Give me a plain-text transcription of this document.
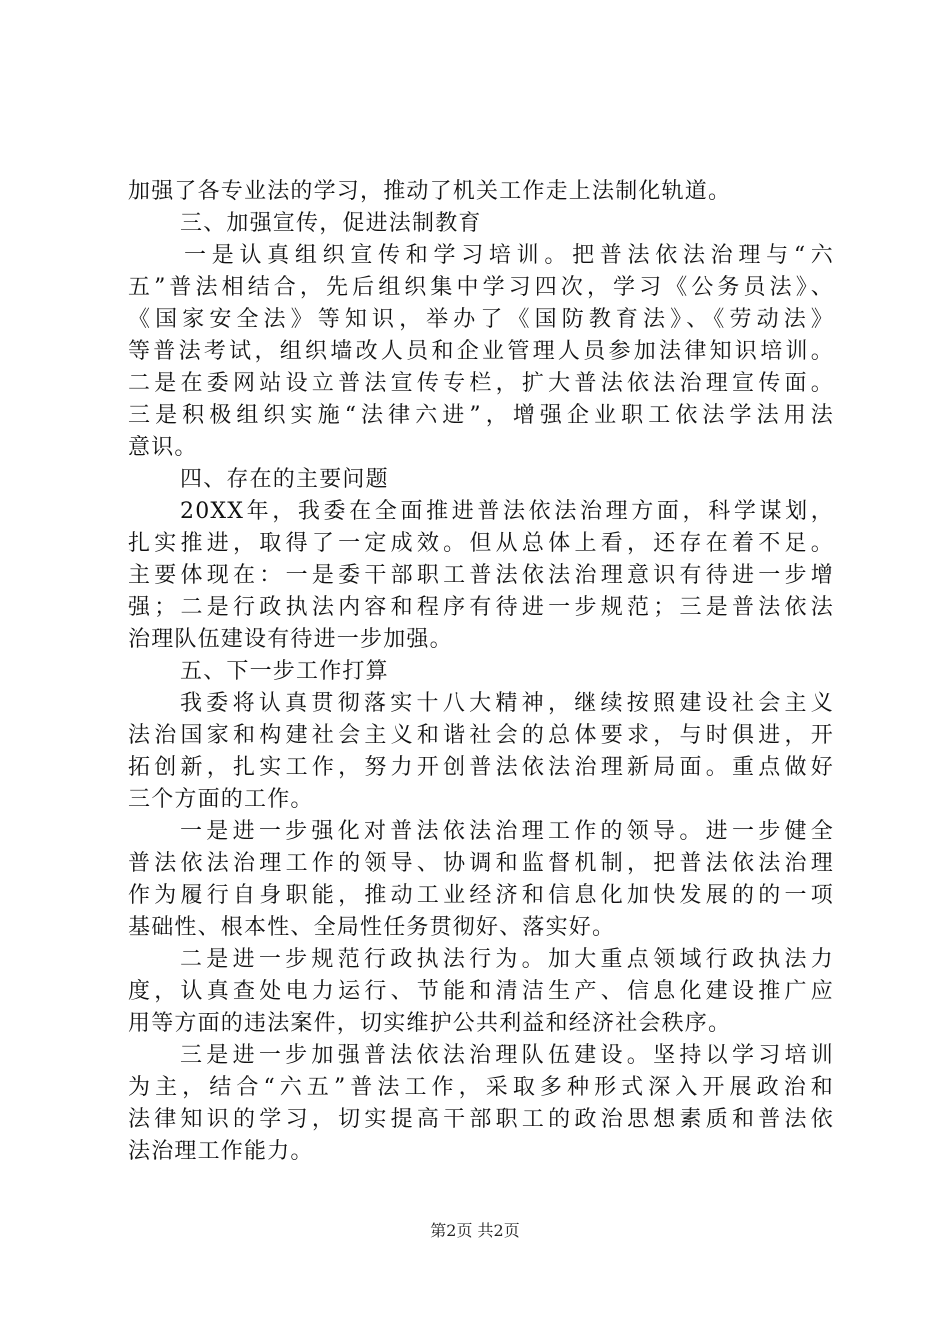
加强了各专业法的学习，推动了机关工作走上法制化轨道。
三、加强宣传，促进法制教育
一是认真组织宣传和学习培训。把普法依法治理与“六
五”普法相结合，先后组织集中学习四次，学习《公务员法》、
《国家安全法》等知识，举办了《国防教育法》、《劳动法》
等普法考试，组织墙改人员和企业管理人员参加法律知识培训。
二是在委网站设立普法宣传专栏，扩大普法依法治理宣传面。
三是积极组织实施“法律六进”，增强企业职工依法学法用法
意识。
四、存在的主要问题
20XX年，我委在全面推进普法依法治理方面，科学谋划，
扎实推进，取得了一定成效。但从总体上看，还存在着不足。
主要体现在：一是委干部职工普法依法治理意识有待进一步增
强；二是行政执法内容和程序有待进一步规范；三是普法依法
治理队伍建设有待进一步加强。
五、下一步工作打算
我委将认真贯彻落实十八大精神，继续按照建设社会主义
法治国家和构建社会主义和谐社会的总体要求，与时俱进，开
拓创新，扎实工作，努力开创普法依法治理新局面。重点做好
三个方面的工作。
一是进一步强化对普法依法治理工作的领导。进一步健全
普法依法治理工作的领导、协调和监督机制，把普法依法治理
作为履行自身职能，推动工业经济和信息化加快发展的的一项
基础性、根本性、全局性任务贯彻好、落实好。
二是进一步规范行政执法行为。加大重点领域行政执法力
度，认真查处电力运行、节能和清洁生产、信息化建设推广应
用等方面的违法案件，切实维护公共利益和经济社会秩序。
三是进一步加强普法依法治理队伍建设。坚持以学习培训
为主，结合“六五”普法工作，采取多种形式深入开展政治和
法律知识的学习，切实提高干部职工的政治思想素质和普法依
法治理工作能力。
第2页 共2页
